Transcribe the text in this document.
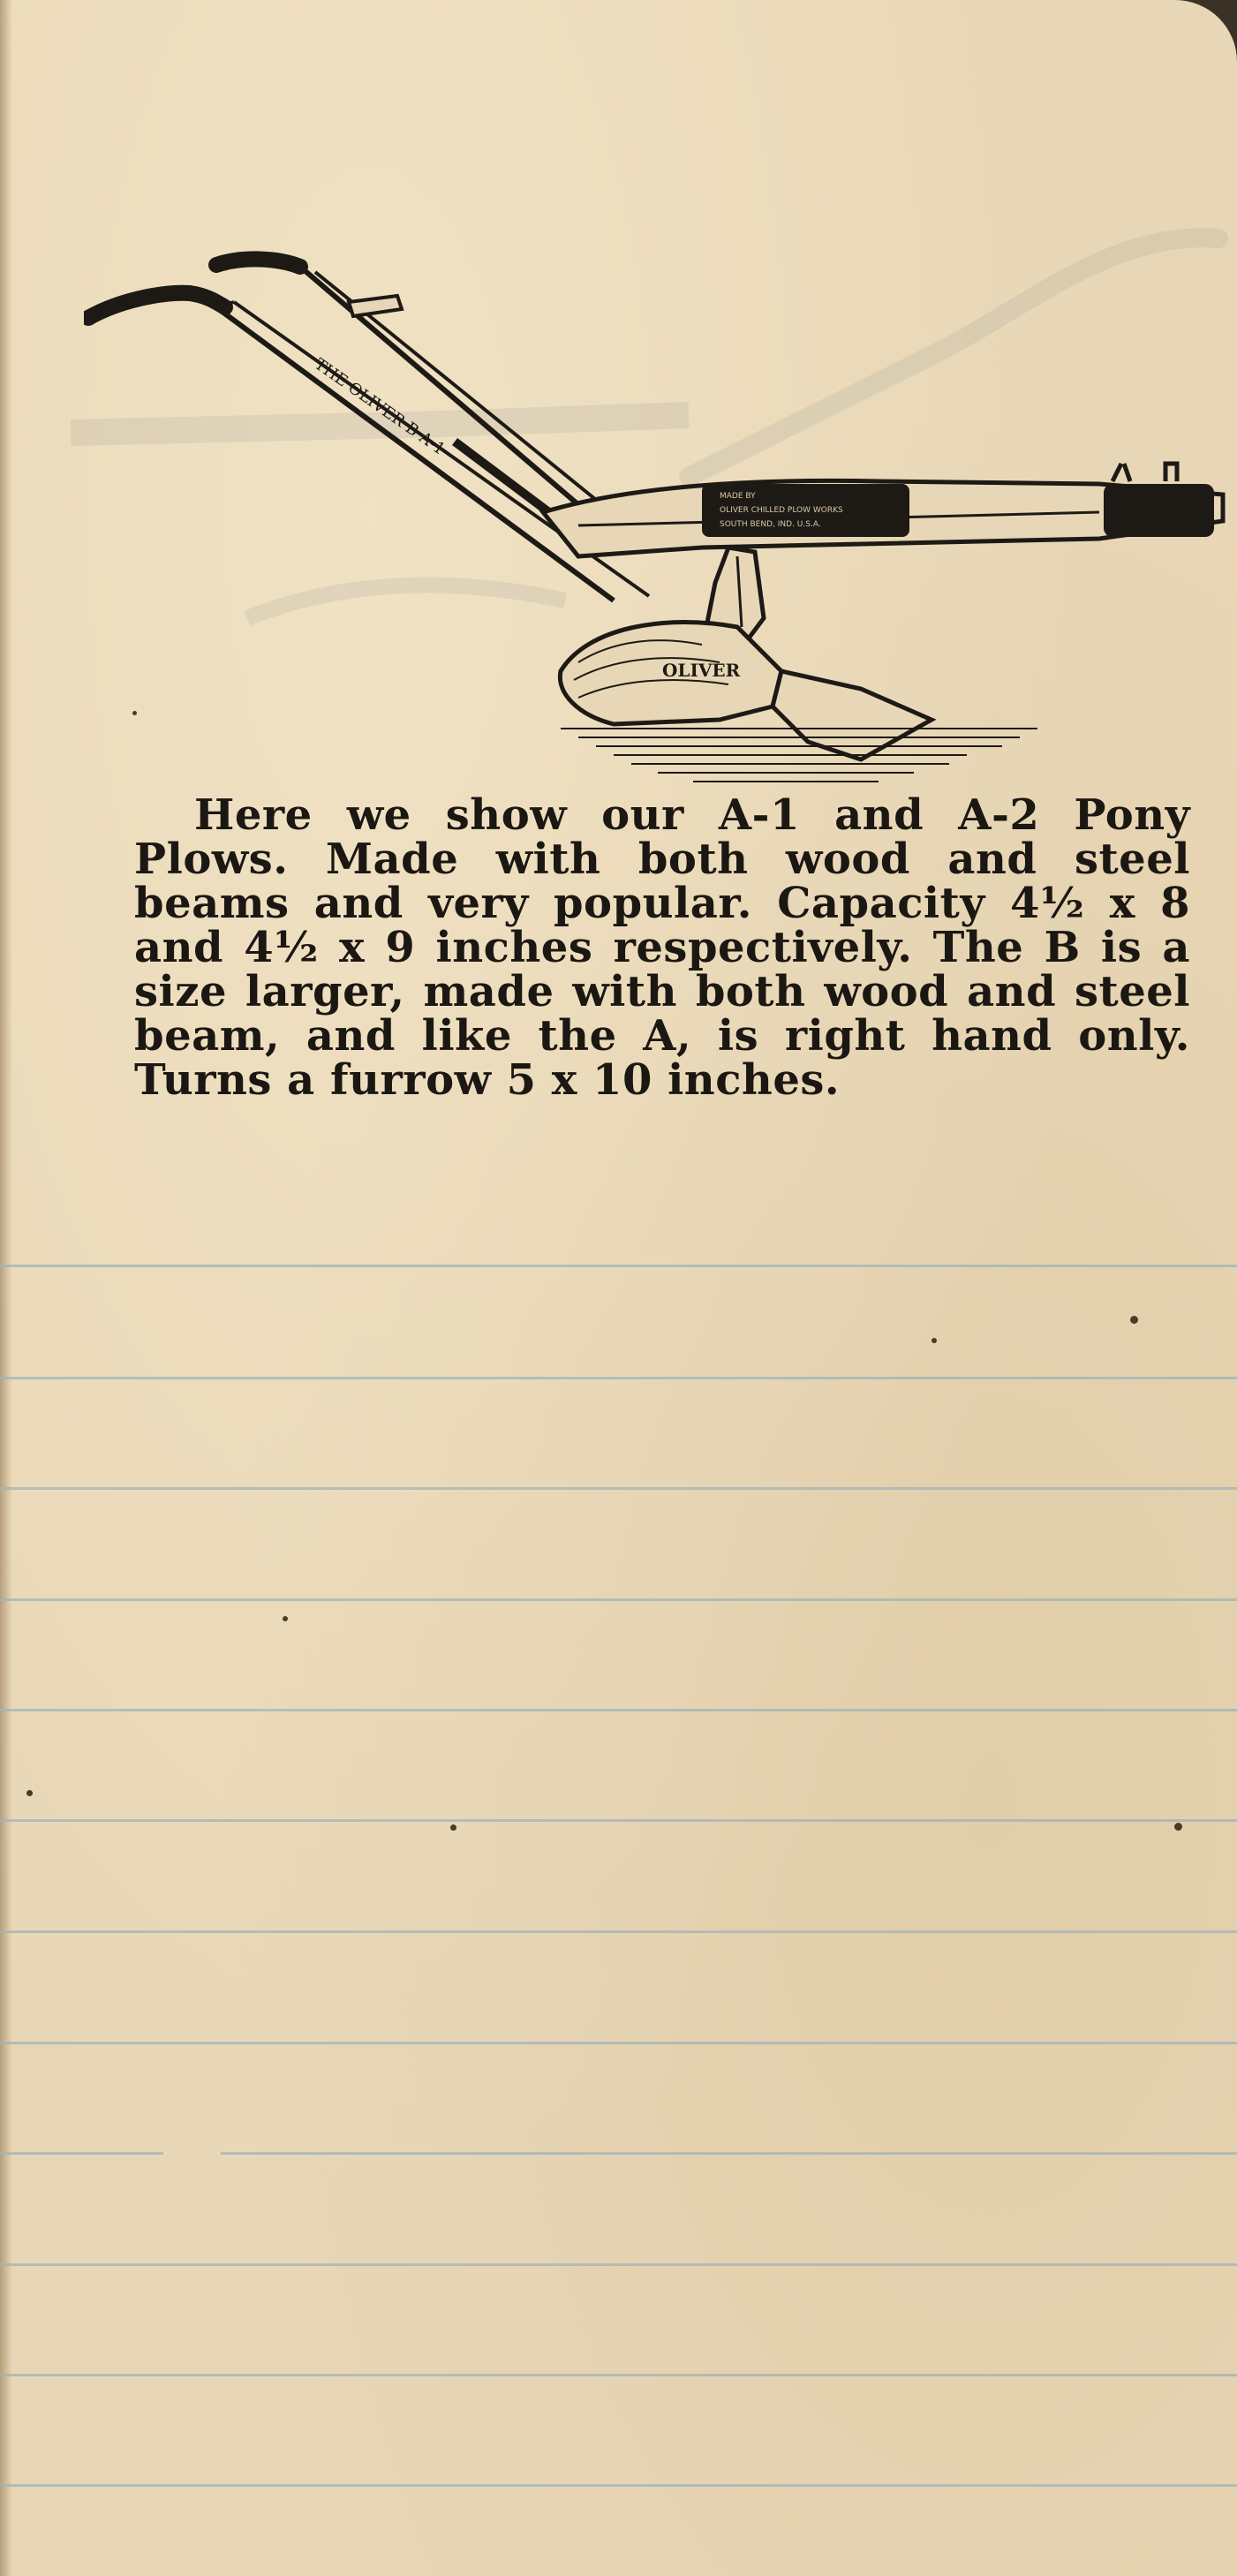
THE OLIVER B A-1
MADE BY
OLIVER CHILLED PLOW WORKS
SOUTH BEND, IND. U.S.A.
OLIVER

Here we show our A-1 and A-2 Pony Plows. Made with both wood and steel beams and very popular. Capacity 4½ x 8 and 4½ x 9 inches respectively. The B is a size larger, made with both wood and steel beam, and like the A, is right hand only. Turns a furrow 5 x 10 inches.
